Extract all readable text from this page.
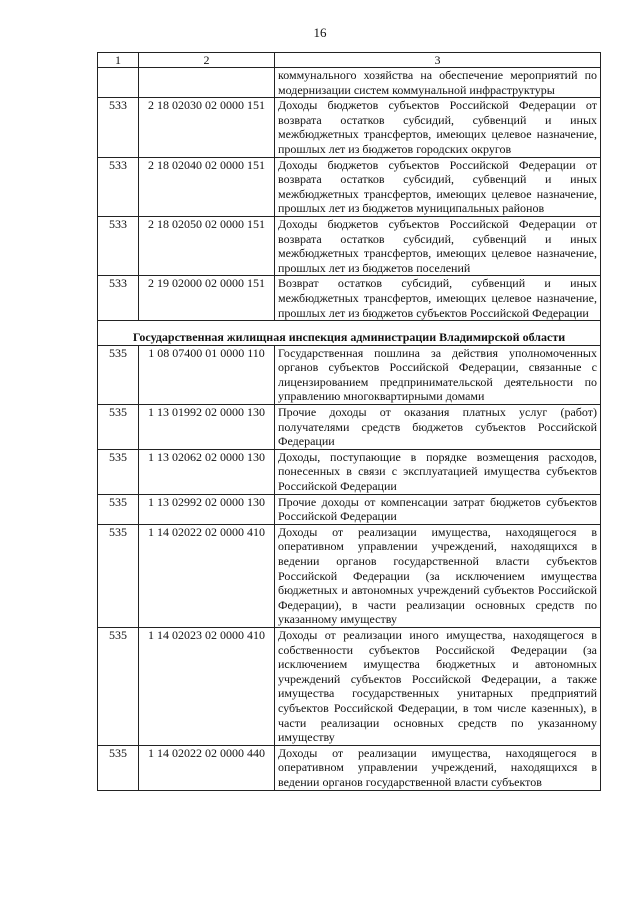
16
1	2	3
		коммунального хозяйства на обеспечение мероприятий по модернизации систем коммунальной инфраструктуры
533	2 18 02030 02 0000 151	Доходы бюджетов субъектов Российской Федерации от возврата остатков субсидий, субвенций и иных межбюджетных трансфертов, имеющих целевое назначение, прошлых лет из бюджетов городских округов
533	2 18 02040 02 0000 151	Доходы бюджетов субъектов Российской Федерации от возврата остатков субсидий, субвенций и иных межбюджетных трансфертов, имеющих целевое назначение, прошлых лет из бюджетов муниципальных районов
533	2 18 02050 02 0000 151	Доходы бюджетов субъектов Российской Федерации от возврата остатков субсидий, субвенций и иных межбюджетных трансфертов, имеющих целевое назначение, прошлых лет из бюджетов поселений
533	2 19 02000 02 0000 151	Возврат остатков субсидий, субвенций и иных межбюджетных трансфертов, имеющих целевое назначение, прошлых лет из бюджетов субъектов Российской Федерации
Государственная жилищная инспекция администрации Владимирской области		
535	1 08 07400 01 0000 110	Государственная пошлина за действия уполномоченных органов субъектов Российской Федерации, связанные с лицензированием предпринимательской деятельности по управлению многоквартирными домами
535	1 13 01992 02 0000 130	Прочие доходы от оказания платных услуг (работ) получателями средств бюджетов субъектов Российской Федерации
535	1 13 02062 02 0000 130	Доходы, поступающие в порядке возмещения расходов, понесенных в связи с эксплуатацией имущества субъектов Российской Федерации
535	1 13 02992 02 0000 130	Прочие доходы от компенсации затрат бюджетов субъектов Российской Федерации
535	1 14 02022 02 0000 410	Доходы от реализации имущества, находящегося в оперативном управлении учреждений, находящихся в ведении органов государственной власти субъектов Российской Федерации (за исключением имущества бюджетных и автономных учреждений субъектов Российской Федерации), в части реализации основных средств по указанному имуществу
535	1 14 02023 02 0000 410	Доходы от реализации иного имущества, находящегося в собственности субъектов Российской Федерации (за исключением имущества бюджетных и автономных учреждений субъектов Российской Федерации, а также имущества государственных унитарных предприятий субъектов Российской Федерации, в том числе казенных), в части реализации основных средств по указанному имуществу
535	1 14 02022 02 0000 440	Доходы от реализации имущества, находящегося в оперативном управлении учреждений, находящихся в ведении органов государственной власти субъектов
